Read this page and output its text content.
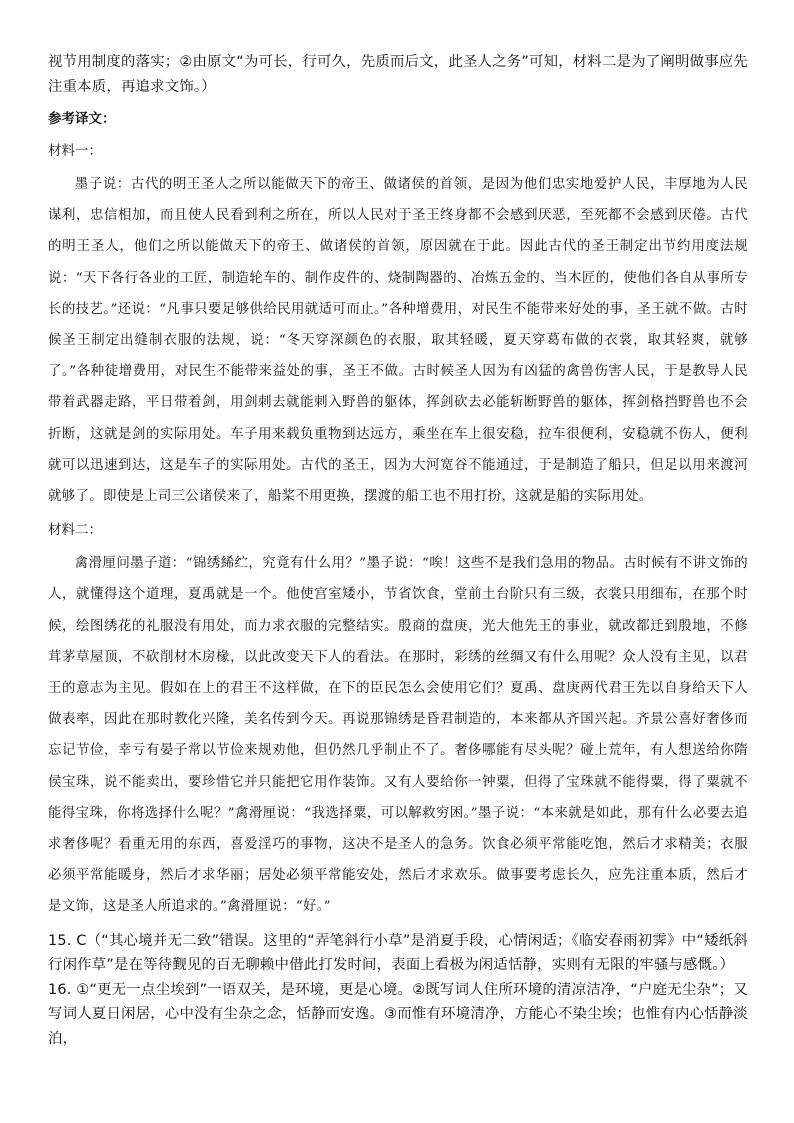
视节用制度的落实；②由原文“为可长，行可久，先质而后文，此圣人之务”可知，材料二是为了阐明做事应先注重本质，再追求文饰。）

参考译文：

材料一：

墨子说：古代的明王圣人之所以能做天下的帝王、做诸侯的首领，是因为他们忠实地爱护人民，丰厚地为人民谋利，忠信相加，而且使人民看到利之所在，所以人民对于圣王终身都不会感到厌恶，至死都不会感到厌倦。古代的明王圣人，他们之所以能做天下的帝王、做诸侯的首领，原因就在于此。因此古代的圣王制定出节约用度法规说：“天下各行各业的工匠，制造轮车的、制作皮件的、烧制陶器的、冶炼五金的、当木匠的，使他们各自从事所专长的技艺。”还说：“凡事只要足够供给民用就适可而止。”各种增费用，对民生不能带来好处的事，圣王就不做。古时候圣王制定出缝制衣服的法规，说：“冬天穿深颜色的衣服，取其轻暖，夏天穿葛布做的衣裳，取其轻爽，就够了。”各种徒增费用，对民生不能带来益处的事，圣王不做。古时候圣人因为有凶猛的禽兽伤害人民，于是教导人民带着武器走路，平日带着剑，用剑刺去就能刺入野兽的躯体，挥剑砍去必能斩断野兽的躯体，挥剑格挡野兽也不会折断，这就是剑的实际用处。车子用来载负重物到达远方，乘坐在车上很安稳，拉车很便利，安稳就不伤人，便利就可以迅速到达，这是车子的实际用处。古代的圣王，因为大河宽谷不能通过，于是制造了船只，但足以用来渡河就够了。即使是上司三公诸侯来了，船桨不用更换，摆渡的船工也不用打扮，这就是船的实际用处。

材料二：

禽滑厘问墨子道：“锦绣絺纻，究竟有什么用？”墨子说：“唉！这些不是我们急用的物品。古时候有不讲文饰的人，就懂得这个道理，夏禹就是一个。他使宫室矮小，节省饮食，堂前土台阶只有三级，衣裳只用细布，在那个时候，绘图绣花的礼服没有用处，而力求衣服的完整结实。殷商的盘庚，光大他先王的事业，就改都迁到殷地，不修茸茅草屋顶，不砍削材木房椽，以此改变天下人的看法。在那时，彩绣的丝绸又有什么用呢？众人没有主见，以君王的意志为主见。假如在上的君王不这样做，在下的臣民怎么会使用它们？夏禹、盘庚两代君王先以自身给天下人做表率，因此在那时教化兴隆，美名传到今天。再说那锦绣是昏君制造的，本来都从齐国兴起。齐景公喜好奢侈而忘记节俭，幸亏有晏子常以节俭来规劝他，但仍然几乎制止不了。奢侈哪能有尽头呢？碰上荒年，有人想送给你隋侯宝珠，说不能卖出，要珍惜它并只能把它用作装饰。又有人要给你一钟粟，但得了宝珠就不能得粟，得了粟就不能得宝珠，你将选择什么呢？”禽滑厘说：“我选择粟，可以解救穷困。”墨子说：“本来就是如此，那有什么必要去追求奢侈呢？看重无用的东西，喜爱淫巧的事物，这决不是圣人的急务。饮食必须平常能吃饱，然后才求精美；衣服必须平常能暖身，然后才求华丽；居处必须平常能安处，然后才求欢乐。做事要考虑长久，应先注重本质，然后才是文饰，这是圣人所追求的。”禽滑厘说：“好。”

15. C（“其心境并无二致”错误。这里的“弄笔斜行小草”是消夏手段，心情闲适；《临安春雨初霁》中“矮纸斜行闲作草”是在等待觐见的百无聊赖中借此打发时间，表面上看极为闲适恬静，实则有无限的牢骚与感慨。）

16. ①“更无一点尘埃到”一语双关，是环境，更是心境。②既写词人住所环境的清凉洁净，“户庭无尘杂”；又写词人夏日闲居，心中没有尘杂之念，恬静而安逸。③而惟有环境清净，方能心不染尘埃；也惟有内心恬静淡泊，
